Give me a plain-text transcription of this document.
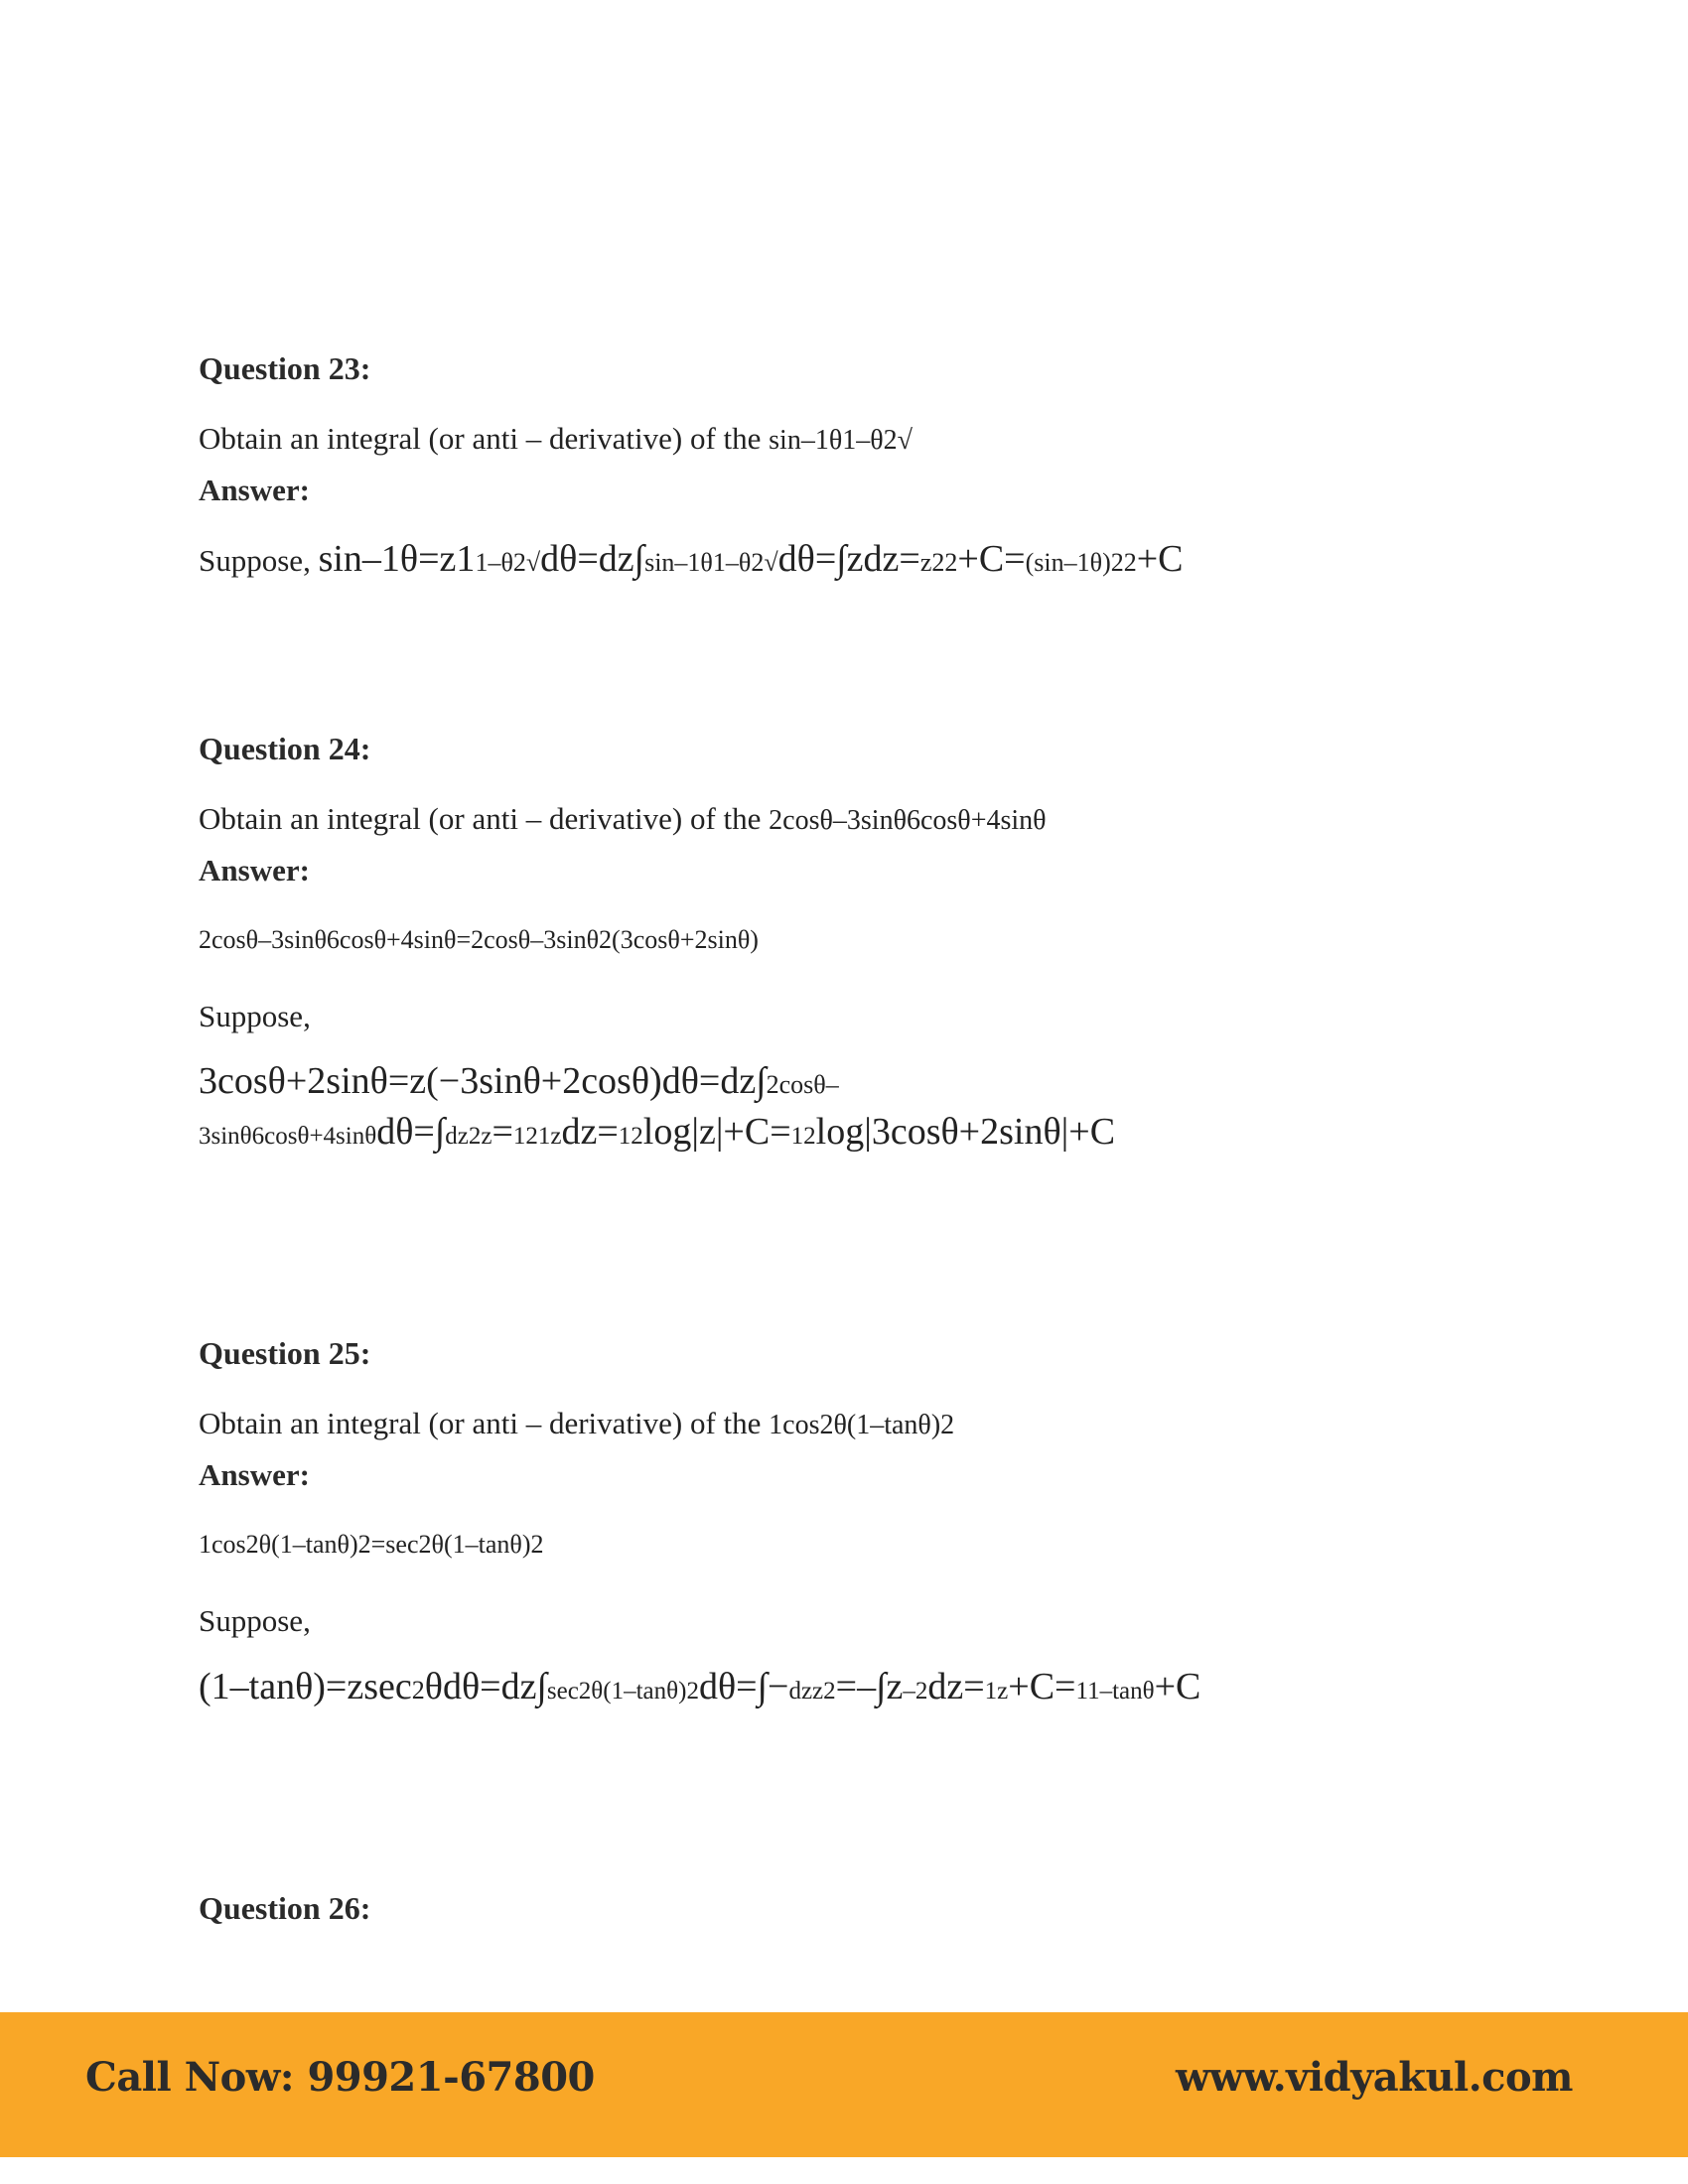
Question 23:
Obtain an integral (or anti – derivative) of the sin–1θ1–θ2√
Answer:
Suppose, sin–1θ=z11–θ2√dθ=dz∫sin–1θ1–θ2√dθ=∫zdz=z22+C=(sin–1θ)22+C
Question 24:
Obtain an integral (or anti – derivative) of the 2cosθ–3sinθ6cosθ+4sinθ
Answer:
2cosθ–3sinθ6cosθ+4sinθ=2cosθ–3sinθ2(3cosθ+2sinθ)
Suppose,
3cosθ+2sinθ=z(−3sinθ+2cosθ)dθ=dz∫2cosθ–
3sinθ6cosθ+4sinθdθ=∫dz2z=121zdz=12log|z|+C=12log|3cosθ+2sinθ|+C
Question 25:
Obtain an integral (or anti – derivative) of the 1cos2θ(1–tanθ)2
Answer:
1cos2θ(1–tanθ)2=sec2θ(1–tanθ)2
Suppose,
(1–tanθ)=zsec2θdθ=dz∫sec2θ(1–tanθ)2dθ=∫−dzz2=–∫z–2dz=1z+C=11–tanθ+C
Question 26:
Call Now: 99921-67800	www.vidyakul.com
